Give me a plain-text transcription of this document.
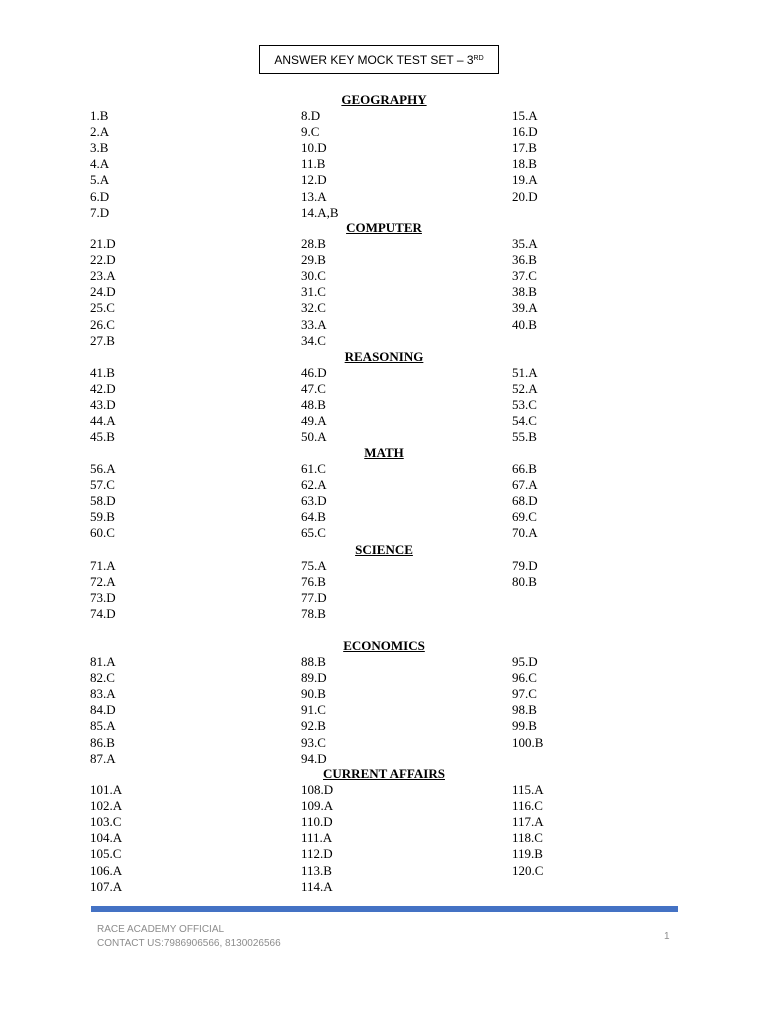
ANSWER KEY MOCK TEST SET – 3RD
GEOGRAPHY
1.B
2.A
3.B
4.A
5.A
6.D
7.D
8.D
9.C
10.D
11.B
12.D
13.A
14.A,B
15.A
16.D
17.B
18.B
19.A
20.D
COMPUTER
21.D
22.D
23.A
24.D
25.C
26.C
27.B
28.B
29.B
30.C
31.C
32.C
33.A
34.C
35.A
36.B
37.C
38.B
39.A
40.B
REASONING
41.B
42.D
43.D
44.A
45.B
46.D
47.C
48.B
49.A
50.A
51.A
52.A
53.C
54.C
55.B
MATH
56.A
57.C
58.D
59.B
60.C
61.C
62.A
63.D
64.B
65.C
66.B
67.A
68.D
69.C
70.A
SCIENCE
71.A
72.A
73.D
74.D
75.A
76.B
77.D
78.B
79.D
80.B
ECONOMICS
81.A
82.C
83.A
84.D
85.A
86.B
87.A
88.B
89.D
90.B
91.C
92.B
93.C
94.D
95.D
96.C
97.C
98.B
99.B
100.B
CURRENT AFFAIRS
101.A
102.A
103.C
104.A
105.C
106.A
107.A
108.D
109.A
110.D
111.A
112.D
113.B
114.A
115.A
116.C
117.A
118.C
119.B
120.C
RACE ACADEMY OFFICIAL
CONTACT US:7986906566, 8130026566
1
